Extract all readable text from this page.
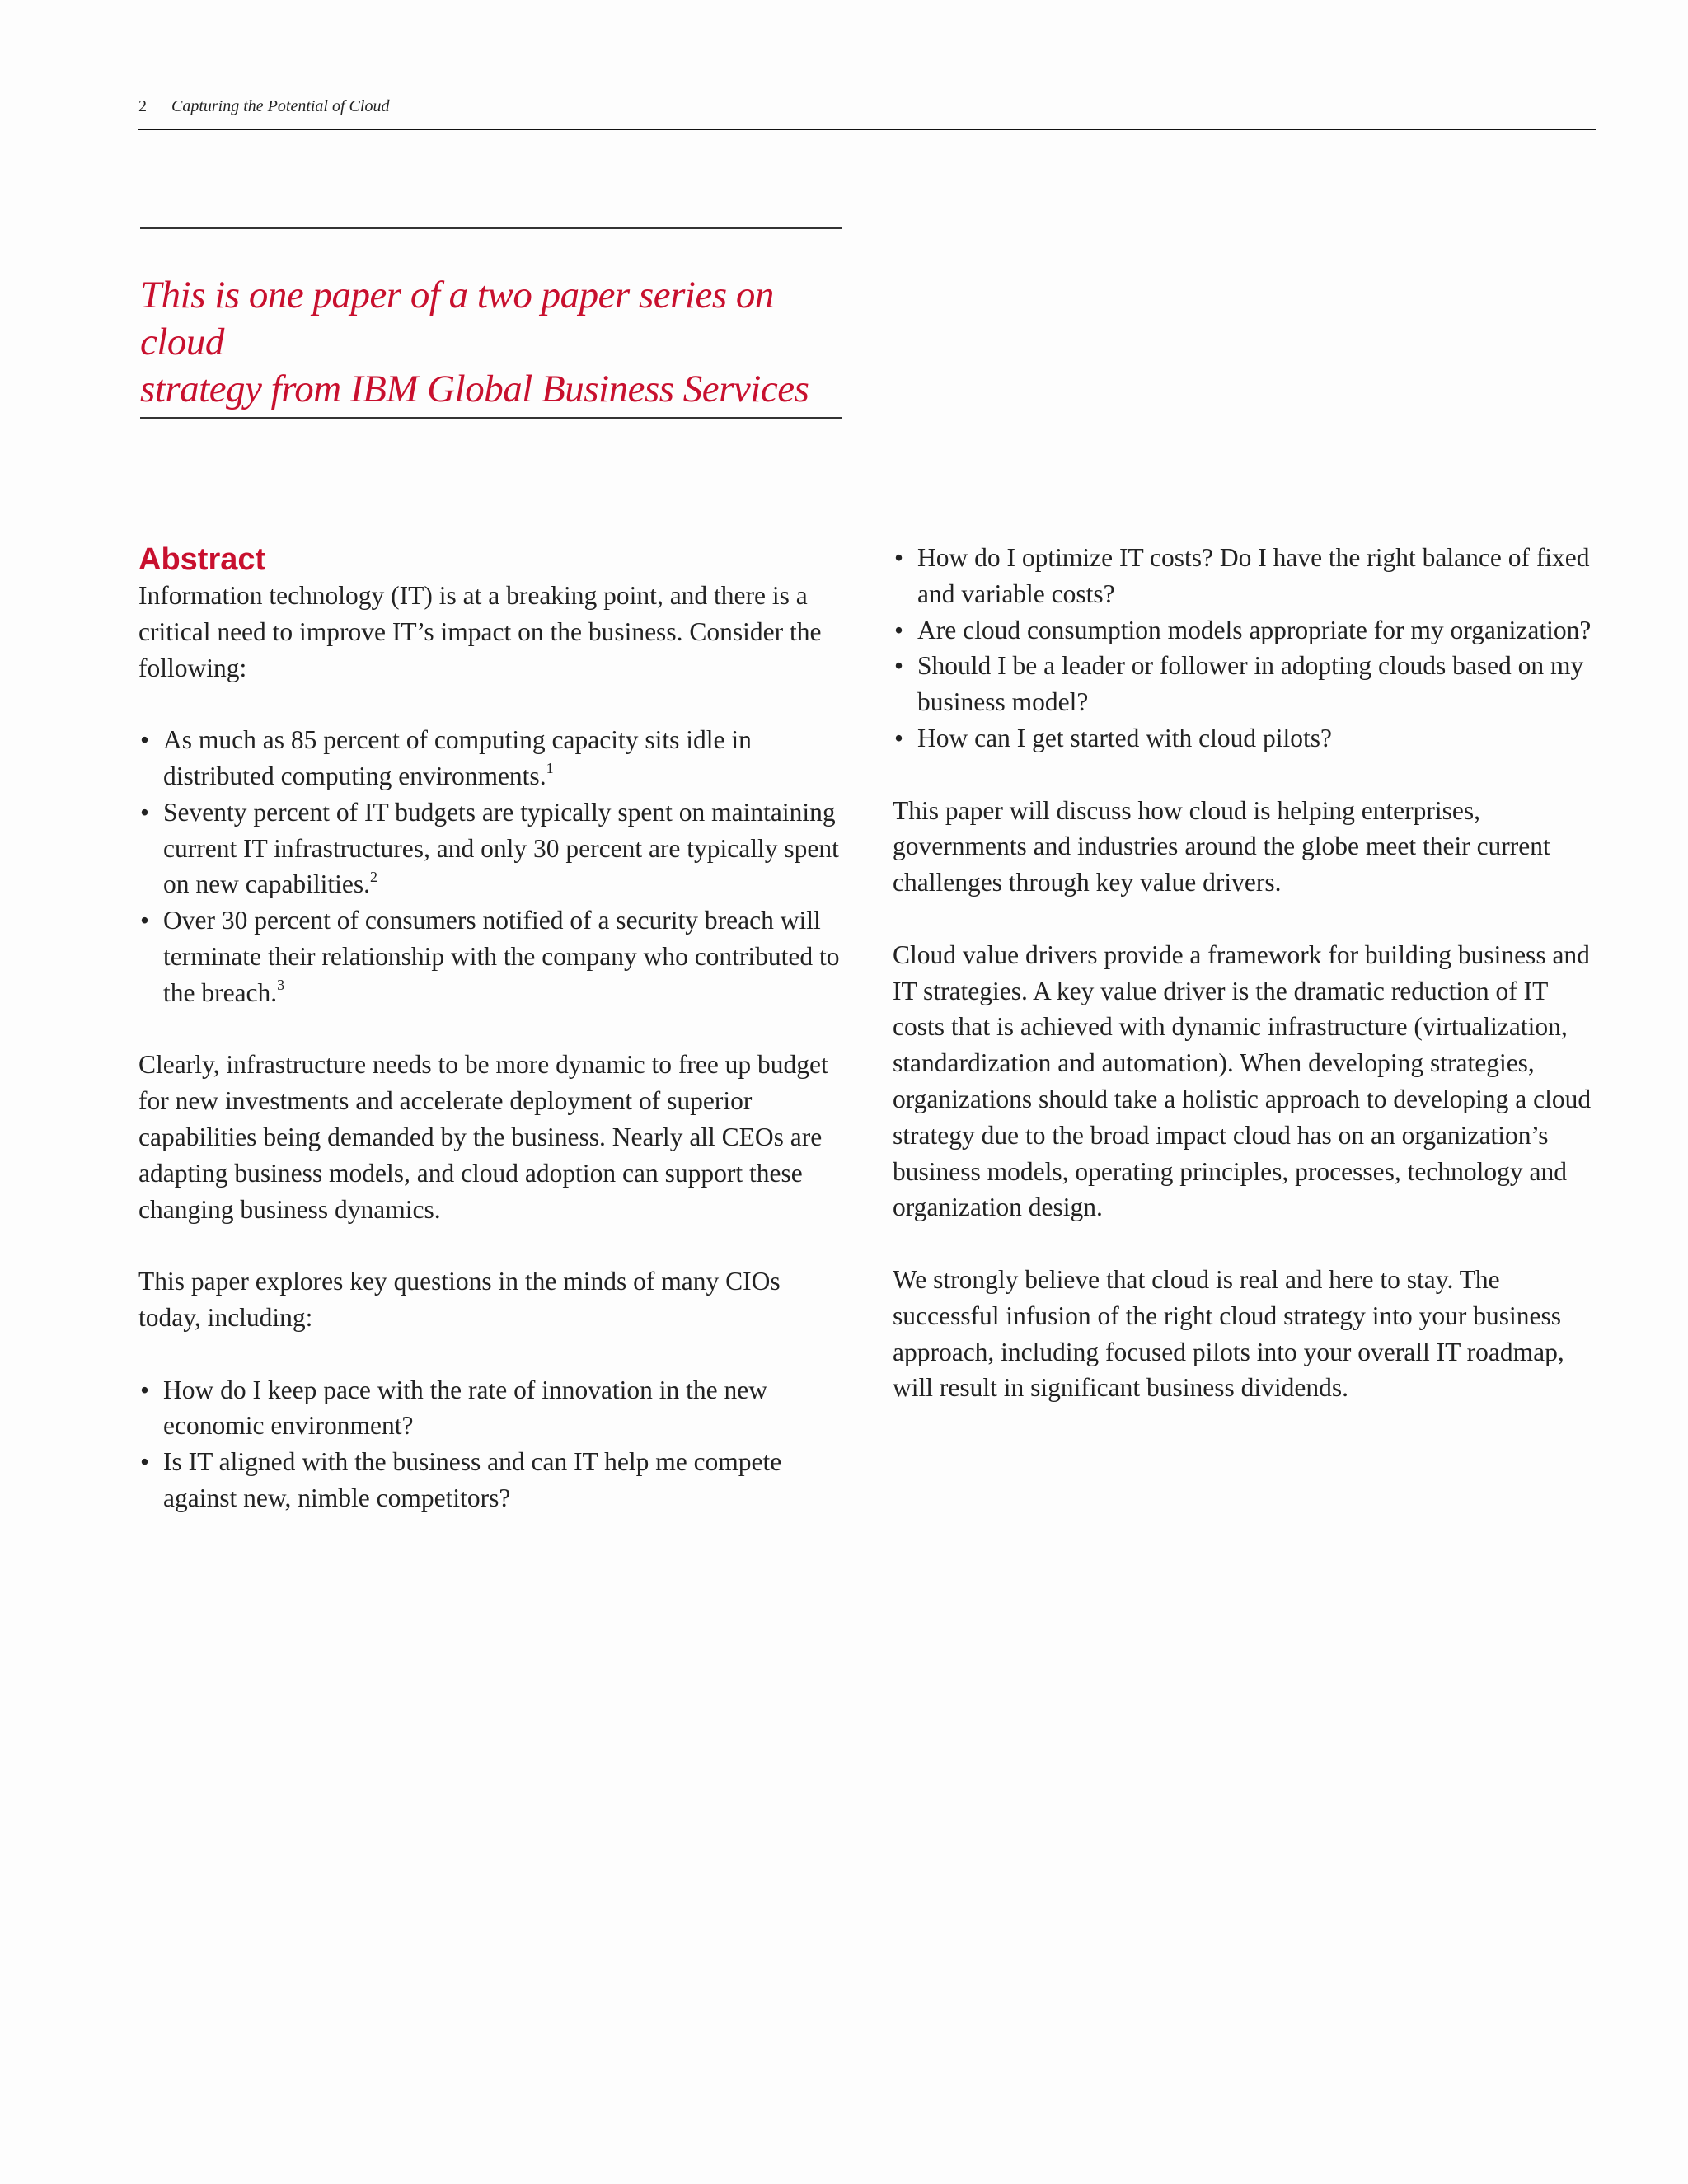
2 Capturing the Potential of Cloud

This is one paper of a two paper series on cloud
strategy from IBM Global Business Services

Abstract

Information technology (IT) is at a breaking point, and there is a critical need to improve IT’s impact on the business. Consider the following:

• As much as 85 percent of computing capacity sits idle in distributed computing environments.$^1$
• Seventy percent of IT budgets are typically spent on maintaining current IT infrastructures, and only 30 percent are typically spent on new capabilities.$^2$
• Over 30 percent of consumers notified of a security breach will terminate their relationship with the company who contributed to the breach.$^3$

Clearly, infrastructure needs to be more dynamic to free up budget for new investments and accelerate deployment of superior capabilities being demanded by the business. Nearly all CEOs are adapting business models, and cloud adoption can support these changing business dynamics.

This paper explores key questions in the minds of many CIOs today, including:

• How do I keep pace with the rate of innovation in the new economic environment?
• Is IT aligned with the business and can IT help me compete against new, nimble competitors?
• How do I optimize IT costs? Do I have the right balance of fixed and variable costs?
• Are cloud consumption models appropriate for my organization?
• Should I be a leader or follower in adopting clouds based on my business model?
• How can I get started with cloud pilots?

This paper will discuss how cloud is helping enterprises, governments and industries around the globe meet their current challenges through key value drivers.

Cloud value drivers provide a framework for building business and IT strategies. A key value driver is the dramatic reduction of IT costs that is achieved with dynamic infrastructure (virtualization, standardization and automation). When developing strategies, organizations should take a holistic approach to developing a cloud strategy due to the broad impact cloud has on an organization’s business models, operating principles, processes, technology and organization design.

We strongly believe that cloud is real and here to stay. The successful infusion of the right cloud strategy into your business approach, including focused pilots into your overall IT roadmap, will result in significant business dividends.
